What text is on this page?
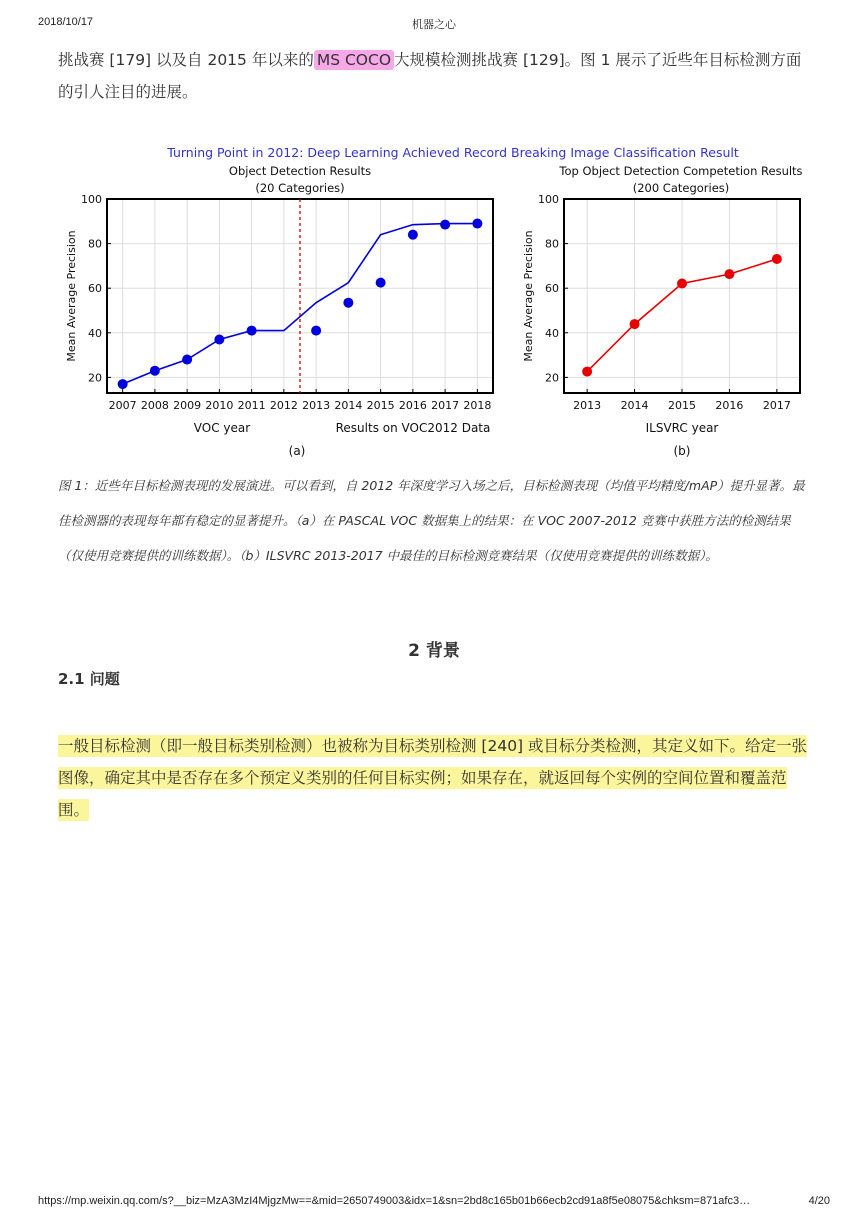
2018/10/17	机器之心
挑战赛 [179] 以及自 2015 年以来的 MS COCO 大规模检测挑战赛 [129]。图 1 展示了近些年目标检测方面的引人注目的进展。
Turning Point in 2012: Deep Learning Achieved Record Breaking Image Classification Result
Object Detection Results
(20 Categories)
Top Object Detection Competetion Results
(200 Categories)
20
40
60
80
100
2007 2008 2009 2010 2011 2012 2013 2014 2015 2016 2017 2018
Mean Average Precision
20
40
60
80
100
2013 2014 2015 2016 2017
Mean Average Precision
VOC year	Results on VOC2012 Data	ILSVRC year
(a)	(b)
图 1：近些年目标检测表现的发展演进。可以看到，自 2012 年深度学习入场之后，目标检测表现（均值平均精度/mAP）提升显著。最佳检测器的表现每年都有稳定的显著提升。（a）在 PASCAL VOC 数据集上的结果：在 VOC 2007-2012 竞赛中获胜方法的检测结果（仅使用竞赛提供的训练数据）。（b）ILSVRC 2013-2017 中最佳的目标检测竞赛结果（仅使用竞赛提供的训练数据）。
2 背景
2.1 问题
一般目标检测（即一般目标类别检测）也被称为目标类别检测 [240] 或目标分类检测，其定义如下。给定一张图像，确定其中是否存在多个预定义类别的任何目标实例；如果存在，就返回每个实例的空间位置和覆盖范围。
https://mp.weixin.qq.com/s?__biz=MzA3MzI4MjgzMw==&mid=2650749003&idx=1&sn=2bd8c165b01b66ecb2cd91a8f5e08075&chksm=871afc3…	4/20
